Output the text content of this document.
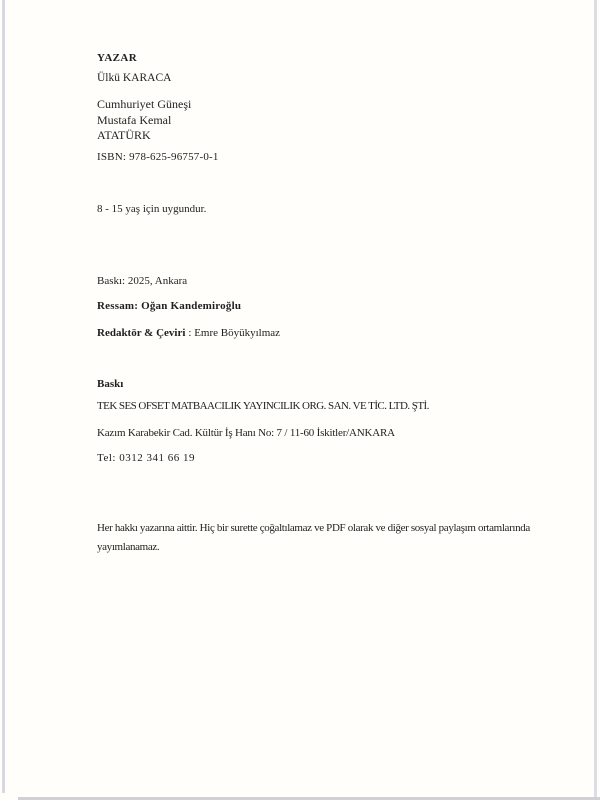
YAZAR
Ülkü KARACA
Cumhuriyet Güneşi
Mustafa Kemal
ATATÜRK
ISBN: 978-625-96757-0-1
8 - 15 yaş için uygundur.
Baskı: 2025, Ankara
Ressam: Oğan Kandemiroğlu
Redaktör & Çeviri : Emre Böyükyılmaz
Baskı
TEK SES OFSET MATBAACILIK YAYINCILIK ORG. SAN. VE TİC. LTD. ŞTİ.
Kazım Karabekir Cad. Kültür İş Hanı No: 7 / 11-60 İskitler/ANKARA
Tel: 0312 341 66 19
Her hakkı yazarına aittir. Hiç bir surette çoğaltılamaz ve PDF olarak ve diğer sosyal paylaşım ortamlarında yayımlanamaz.
